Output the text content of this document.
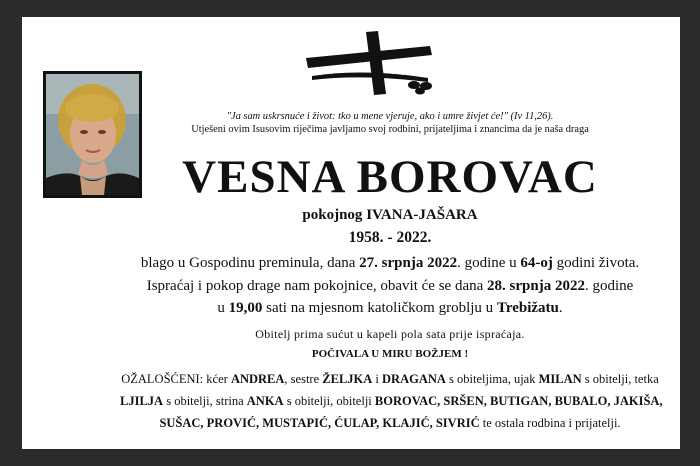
"Ja sam uskrsnuće i život: tko u mene vjeruje, ako i umre živjet će!" (Iv 11,26).
Utješeni ovim Isusovim riječima javljamo svoj rodbini, prijateljima i znancima da je naša draga
VESNA BOROVAC
pokojnog IVANA-JAŠARA
1958. - 2022.
blago u Gospodinu preminula, dana 27. srpnja 2022. godine u 64-oj godini života.
Ispraćaj i pokop drage nam pokojnice, obavit će se dana 28. srpnja 2022. godine
u 19,00 sati na mjesnom katoličkom groblju u Trebižatu.
Obitelj prima sućut u kapeli pola sata prije ispraćaja.
POČIVALA U MIRU BOŽJEM !
OŽALOŠĆENI: kćer ANDREA, sestre ŽELJKA i DRAGANA s obiteljima, ujak MILAN s obitelji, tetka
LJILJA s obitelji, strina ANKA s obitelji, obitelji BOROVAC, SRŠEN, BUTIGAN, BUBALO, JAKIŠA,
SUŠAC, PROVIĆ, MUSTAPIĆ, ĆULAP, KLAJIĆ, SIVRIĆ te ostala rodbina i prijatelji.
